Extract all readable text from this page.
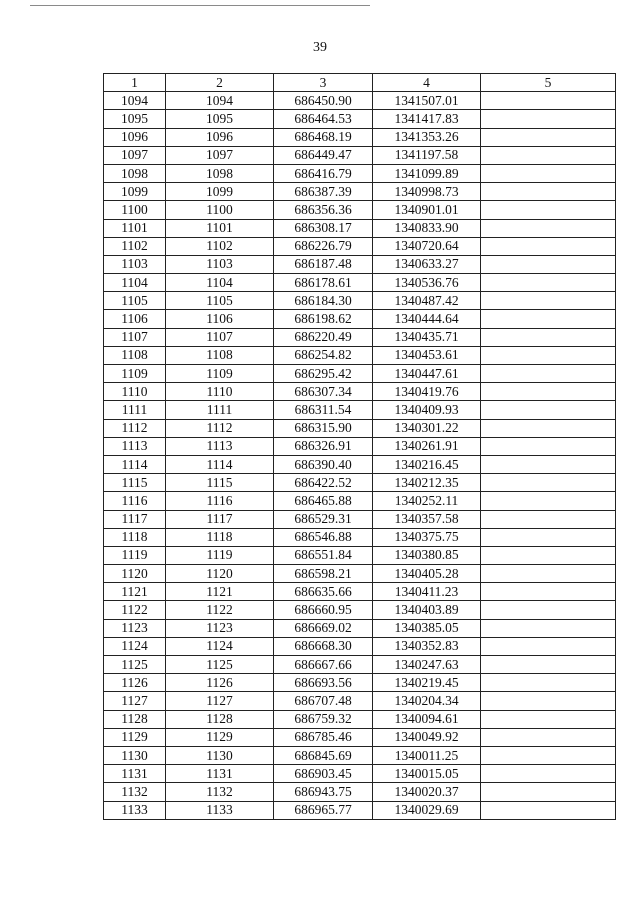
39
1	2	3	4	5
1094	1094	686450.90	1341507.01	
1095	1095	686464.53	1341417.83	
1096	1096	686468.19	1341353.26	
1097	1097	686449.47	1341197.58	
1098	1098	686416.79	1341099.89	
1099	1099	686387.39	1340998.73	
1100	1100	686356.36	1340901.01	
1101	1101	686308.17	1340833.90	
1102	1102	686226.79	1340720.64	
1103	1103	686187.48	1340633.27	
1104	1104	686178.61	1340536.76	
1105	1105	686184.30	1340487.42	
1106	1106	686198.62	1340444.64	
1107	1107	686220.49	1340435.71	
1108	1108	686254.82	1340453.61	
1109	1109	686295.42	1340447.61	
1110	1110	686307.34	1340419.76	
1111	1111	686311.54	1340409.93	
1112	1112	686315.90	1340301.22	
1113	1113	686326.91	1340261.91	
1114	1114	686390.40	1340216.45	
1115	1115	686422.52	1340212.35	
1116	1116	686465.88	1340252.11	
1117	1117	686529.31	1340357.58	
1118	1118	686546.88	1340375.75	
1119	1119	686551.84	1340380.85	
1120	1120	686598.21	1340405.28	
1121	1121	686635.66	1340411.23	
1122	1122	686660.95	1340403.89	
1123	1123	686669.02	1340385.05	
1124	1124	686668.30	1340352.83	
1125	1125	686667.66	1340247.63	
1126	1126	686693.56	1340219.45	
1127	1127	686707.48	1340204.34	
1128	1128	686759.32	1340094.61	
1129	1129	686785.46	1340049.92	
1130	1130	686845.69	1340011.25	
1131	1131	686903.45	1340015.05	
1132	1132	686943.75	1340020.37	
1133	1133	686965.77	1340029.69	
